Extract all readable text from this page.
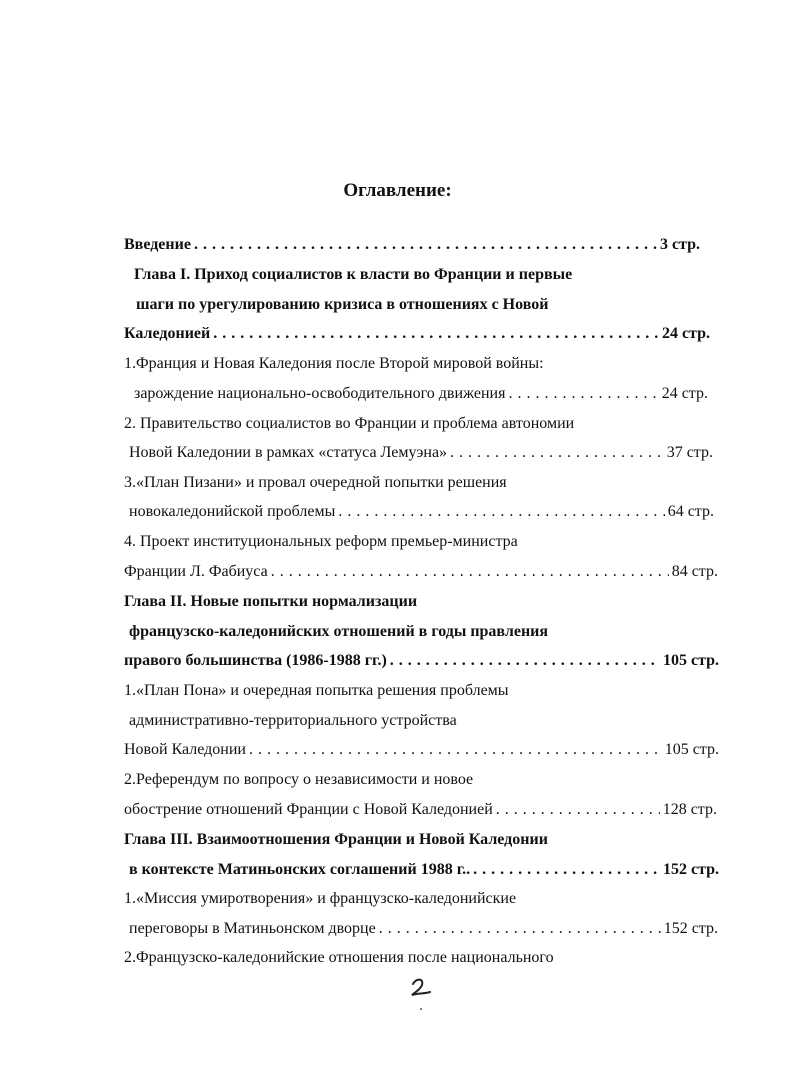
Оглавление:
Введение . . .	3 стр.
Глава I. Приход социалистов к власти во Франции и первые
шаги по урегулированию кризиса в отношениях с Новой
Каледонией . . .	24 стр.
1.Франция и Новая Каледония после Второй мировой войны:
зарождение национально-освободительного движения . . .	24 стр.
2. Правительство социалистов во Франции и проблема автономии
Новой Каледонии в рамках «статуса Лемуэна» . . .	37 стр.
3.«План Пизани» и провал очередной попытки решения
новокаледонийской проблемы . . .	64 стр.
4. Проект институциональных реформ премьер-министра
Франции Л. Фабиуса . . .	84 стр.
Глава II. Новые попытки нормализации
французско-каледонийских отношений в годы правления
правого большинства (1986-1988 гг.) . . .	105 стр.
1.«План Пона» и очередная попытка решения проблемы
административно-территориального устройства
Новой Каледонии . . .	105 стр.
2.Референдум по вопросу о независимости и новое
обострение отношений Франции с Новой Каледонией . . .	128 стр.
Глава III. Взаимоотношения Франции и Новой Каледонии
в контексте Матиньонских соглашений 1988 г.. . . .	152 стр.
1.«Миссия умиротворения» и французско-каледонийские
переговоры в Матиньонском дворце . . .	152 стр.
2.Французско-каледонийские отношения после национального
